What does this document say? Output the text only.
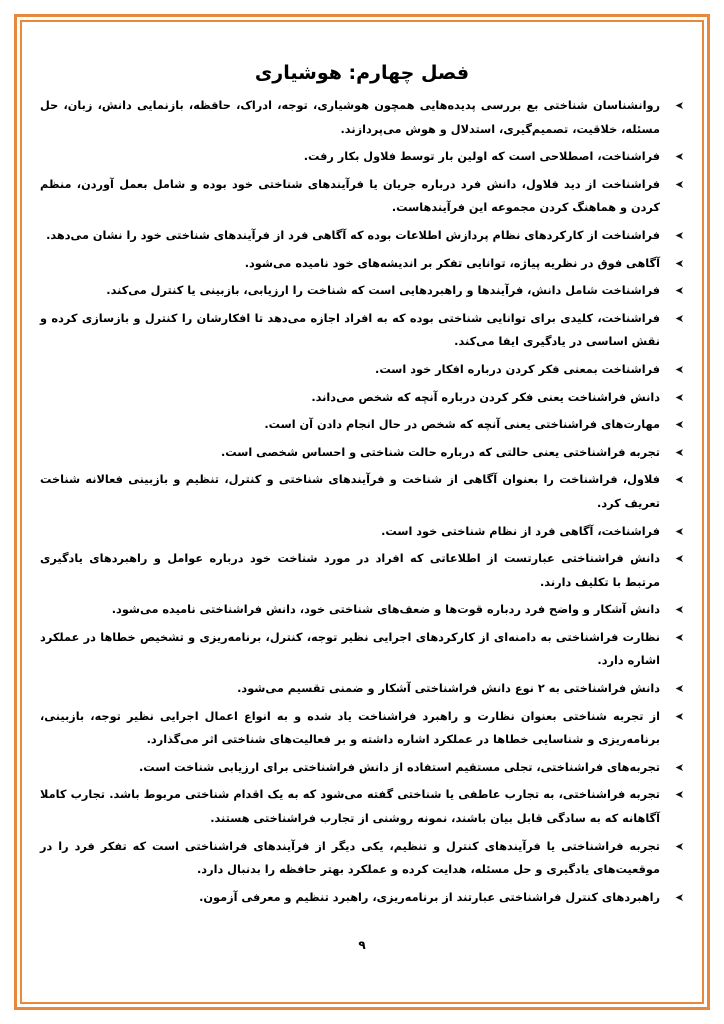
فصل چهارم: هوشیاری
➤
روانشناسان شناختی بع بررسی پدیده‌هایی همچون هوشیاری، توجه، ادراک، حافظه، بازنمایی دانش، زبان، حل مسئله، خلاقیت، تصمیم‌گیری، استدلال و هوش می‌پردازند.
➤
فراشناخت، اصطلاحی است که اولین بار توسط فلاول بکار رفت.
➤
فراشناخت از دید فلاول، دانش فرد درباره جریان یا فرآیندهای شناختی خود بوده و شامل بعمل آوردن، منظم کردن و هماهنگ کردن مجموعه این فرآیندهاست.
➤
فراشناخت از کارکردهای نظام پردازش اطلاعات بوده که آگاهی فرد از فرآیندهای شناختی خود را نشان می‌دهد.
➤
آگاهی فوق در نظریه پیاژه، توانایی تفکر بر اندیشه‌های خود نامیده می‌شود.
➤
فراشناخت شامل دانش، فرآیندها و راهبردهایی است که شناخت را ارزیابی، بازبینی یا کنترل می‌کند.
➤
فراشناخت، کلیدی برای توانایی شناختی بوده که به افراد اجازه می‌دهد تا افکارشان را کنترل و بازسازی کرده و نقش اساسی در یادگیری ایفا می‌کند.
➤
فراشناخت بمعنی فکر کردن درباره افکار خود است.
➤
دانش فراشناخت یعنی فکر کردن درباره آنچه که شخص می‌داند.
➤
مهارت‌های فراشناختی یعنی آنچه که شخص در حال انجام دادن آن است.
➤
تجربه فراشناختی یعنی حالتی که درباره حالت شناختی و احساس شخصی است.
➤
فلاول، فراشناخت را بعنوان آگاهی از شناخت و فرآیندهای شناختی و کنترل، تنظیم و بازبینی فعالانه شناخت تعریف کرد.
➤
فراشناخت، آگاهی فرد از نظام شناختی خود است.
➤
دانش فراشناختی عبارتست از اطلاعاتی که افراد در مورد شناخت خود درباره عوامل و راهبردهای یادگیری مرتبط با تکلیف دارند.
➤
دانش آشکار و واضح فرد ردباره قوت‌ها و ضعف‌های شناختی خود، دانش فراشناختی نامیده می‌شود.
➤
نظارت فراشناختی به دامنه‌ای از کارکردهای اجرایی نظیر توجه، کنترل، برنامه‌ریزی و تشخیص خطاها در عملکرد اشاره دارد.
➤
دانش فراشناختی به ۲ نوع دانش فراشناختی آشکار و ضمنی تقسیم می‌شود.
➤
از تجربه شناختی بعنوان نظارت و راهبرد فراشناخت یاد شده و به انواع اعمال اجرایی نظیر توجه، بازبینی، برنامه‌ریزی و شناسایی خطاها در عملکرد اشاره داشته و بر فعالیت‌های شناختی اثر می‌گذارد.
➤
تجربه‌های فراشناختی، تجلی مستقیم استفاده از دانش فراشناختی برای ارزیابی شناخت است.
➤
تجربه فراشناختی، به تجارب عاطفی یا شناختی گفته می‌شود که به یک اقدام شناختی مربوط باشد. تجارب کاملا آگاهانه که به سادگی قابل بیان باشند، نمونه روشنی از تجارب فراشناختی هستند.
➤
تجربه فراشناختی یا فرآیندهای کنترل و تنظیم، یکی دیگر از فرآیندهای فراشناختی است که تفکر فرد را در موقعیت‌های یادگیری و حل مسئله، هدایت کرده و عملکرد بهتر حافظه را بدنبال دارد.
➤
راهبردهای کنترل فراشناختی عبارتند از برنامه‌ریزی، راهبرد تنظیم و معرفی آزمون.
۹
